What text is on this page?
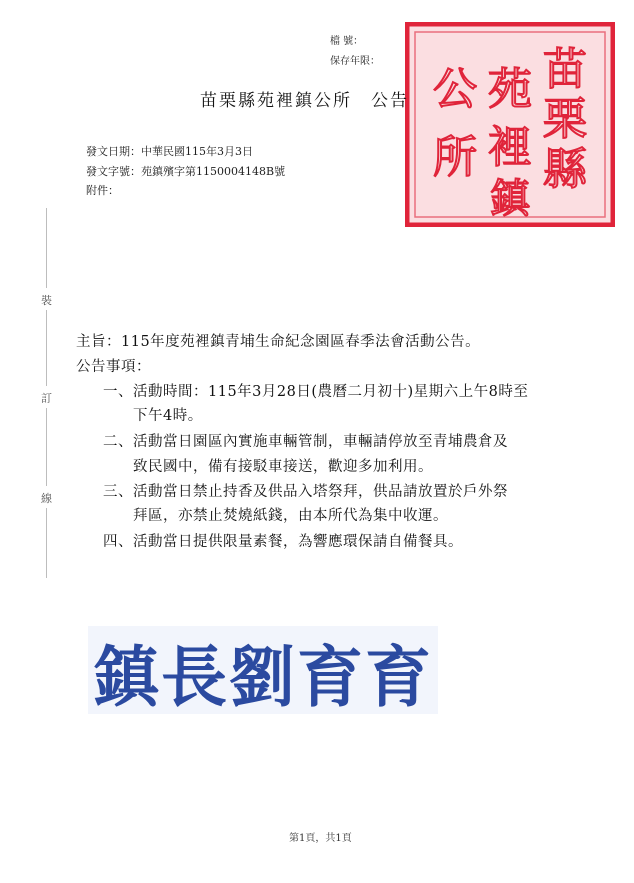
檔 號：
保存年限：	苗
栗
縣
苑
裡
公
所
鎮
苗栗縣苑裡鎮公所　公告
發文日期：中華民國115年3月3日
發文字號：苑鎮殯字第1150004148B號
附件：
裝
訂
線
主旨：115年度苑裡鎮青埔生命紀念園區春季法會活動公告。
公告事項：
一、 活動時間：115年3月28日(農曆二月初十)星期六上午8時至
下午4時。
二、 活動當日園區內實施車輛管制，車輛請停放至青埔農倉及
致民國中，備有接駁車接送，歡迎多加利用。
三、 活動當日禁止持香及供品入塔祭拜，供品請放置於戶外祭
拜區，亦禁止焚燒紙錢，由本所代為集中收運。
四、 活動當日提供限量素餐，為響應環保請自備餐具。
鎮長劉育育
第1頁，共1頁
